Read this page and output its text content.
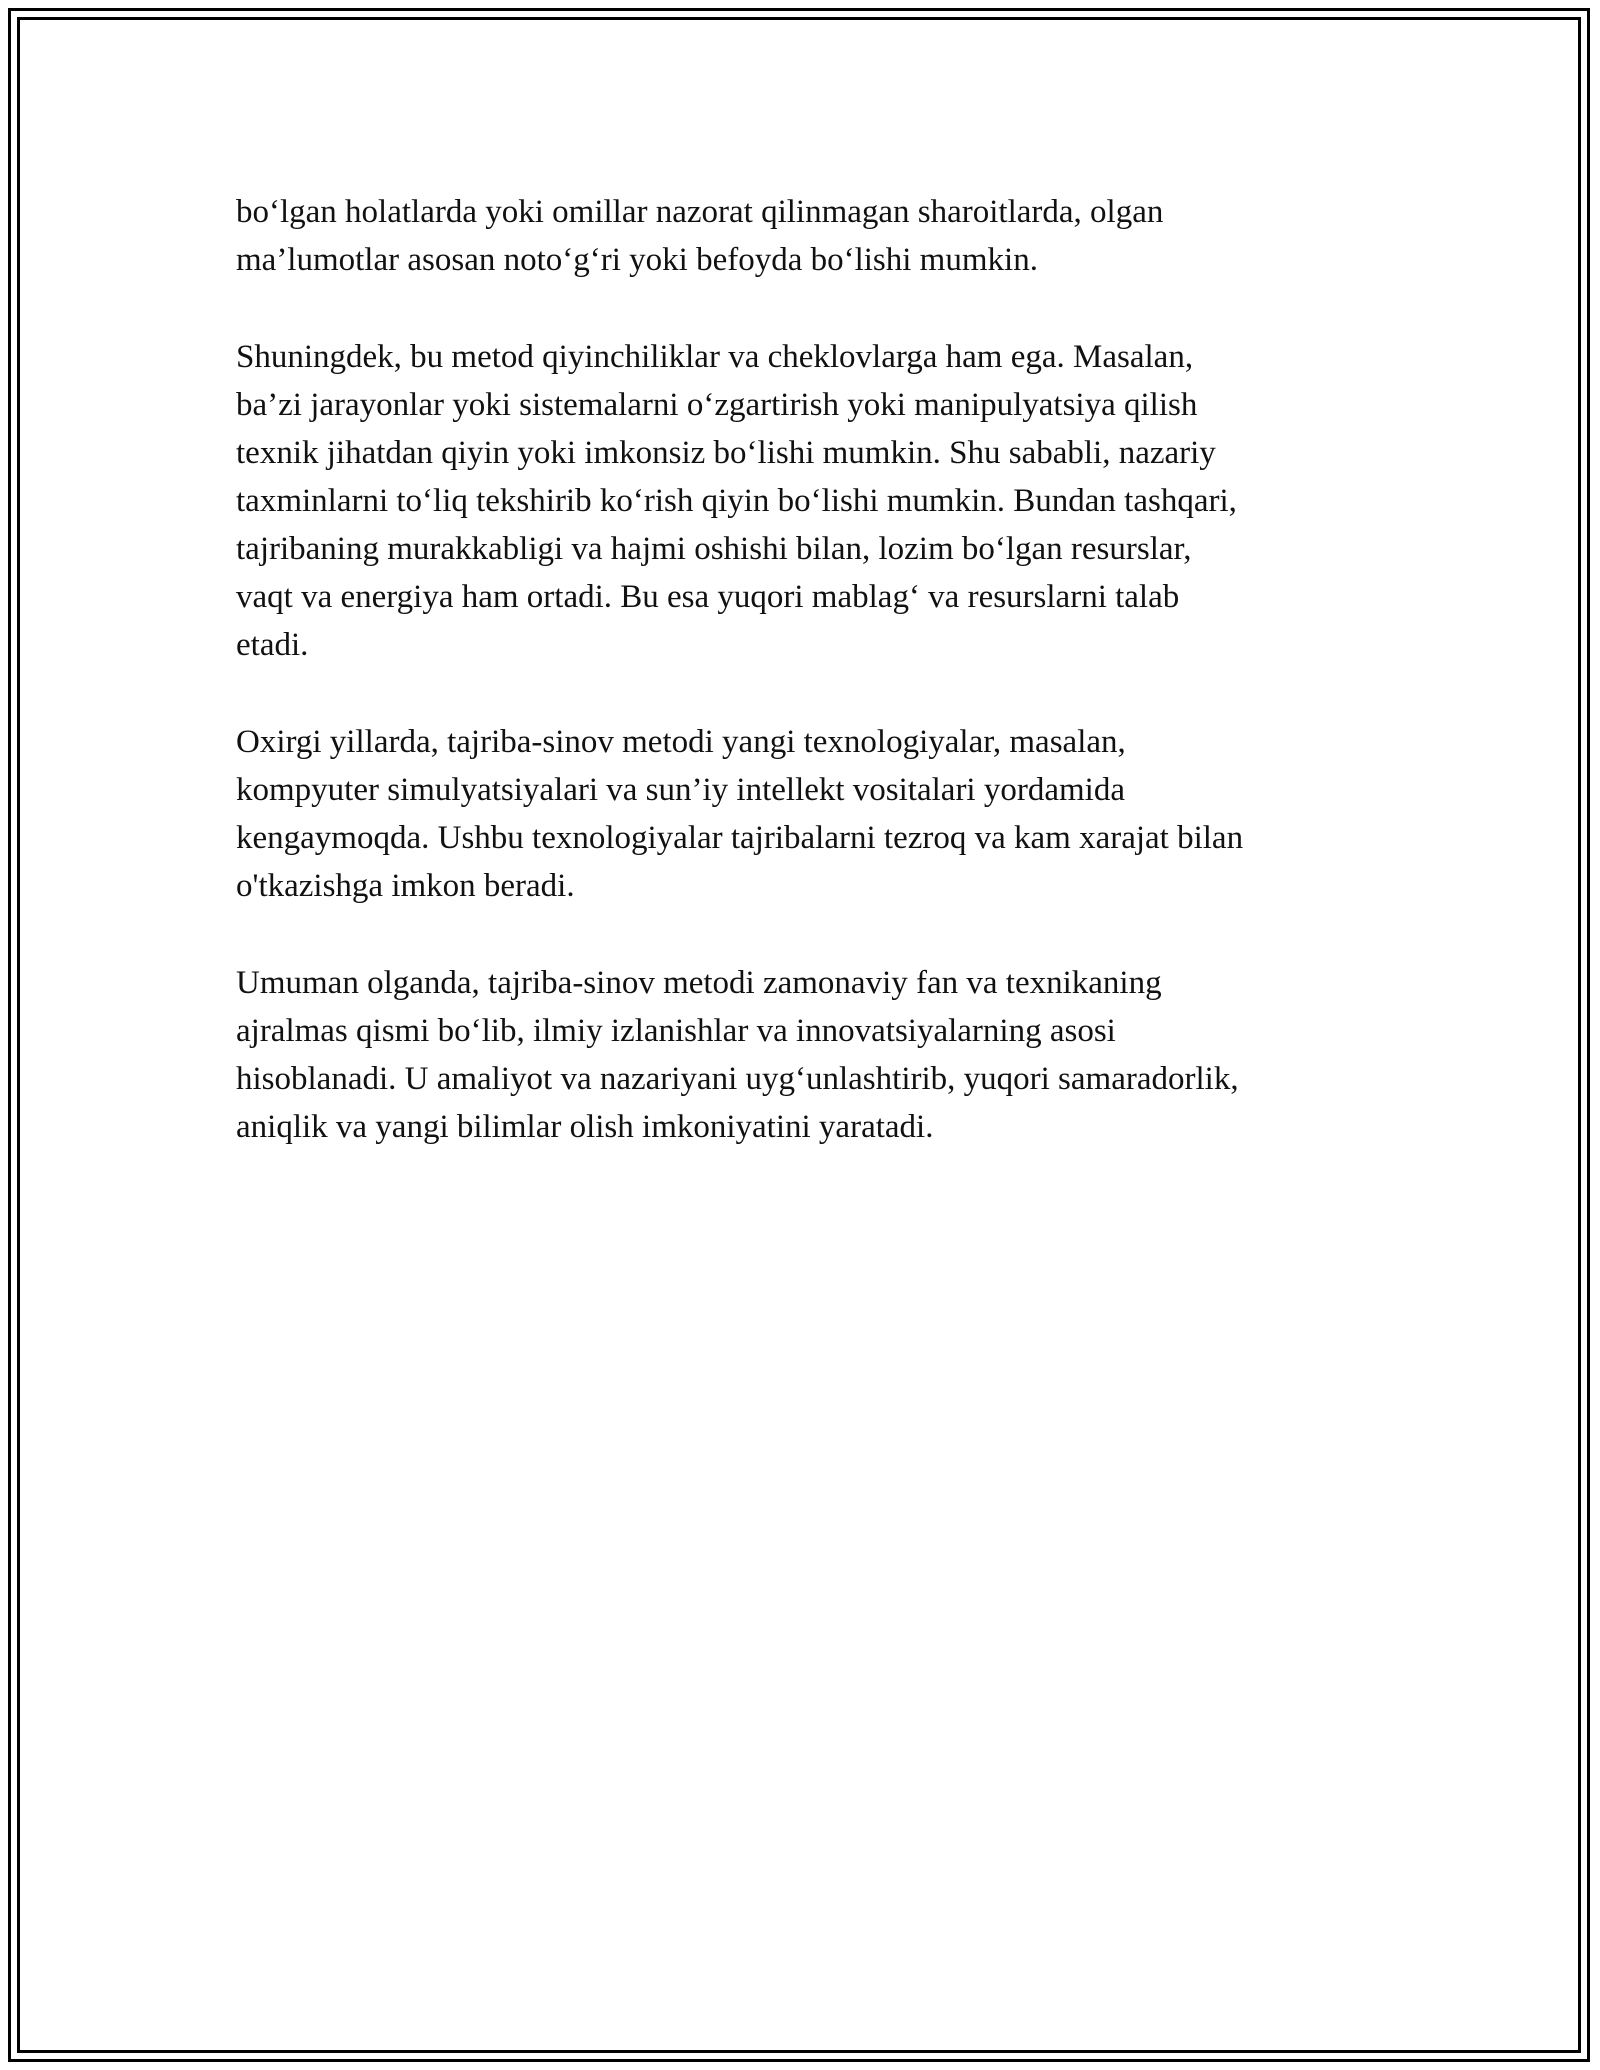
bo‘lgan holatlarda yoki omillar nazorat qilinmagan sharoitlarda, olgan
ma’lumotlar asosan noto‘g‘ri yoki befoyda bo‘lishi mumkin.

Shuningdek, bu metod qiyinchiliklar va cheklovlarga ham ega. Masalan,
ba’zi jarayonlar yoki sistemalarni o‘zgartirish yoki manipulyatsiya qilish
texnik jihatdan qiyin yoki imkonsiz bo‘lishi mumkin. Shu sababli, nazariy
taxminlarni to‘liq tekshirib ko‘rish qiyin bo‘lishi mumkin. Bundan tashqari,
tajribaning murakkabligi va hajmi oshishi bilan, lozim bo‘lgan resurslar,
vaqt va energiya ham ortadi. Bu esa yuqori mablag‘ va resurslarni talab
etadi.

Oxirgi yillarda, tajriba-sinov metodi yangi texnologiyalar, masalan,
kompyuter simulyatsiyalari va sun’iy intellekt vositalari yordamida
kengaymoqda. Ushbu texnologiyalar tajribalarni tezroq va kam xarajat bilan
o'tkazishga imkon beradi.

Umuman olganda, tajriba-sinov metodi zamonaviy fan va texnikaning
ajralmas qismi bo‘lib, ilmiy izlanishlar va innovatsiyalarning asosi
hisoblanadi. U amaliyot va nazariyani uyg‘unlashtirib, yuqori samaradorlik,
aniqlik va yangi bilimlar olish imkoniyatini yaratadi.
